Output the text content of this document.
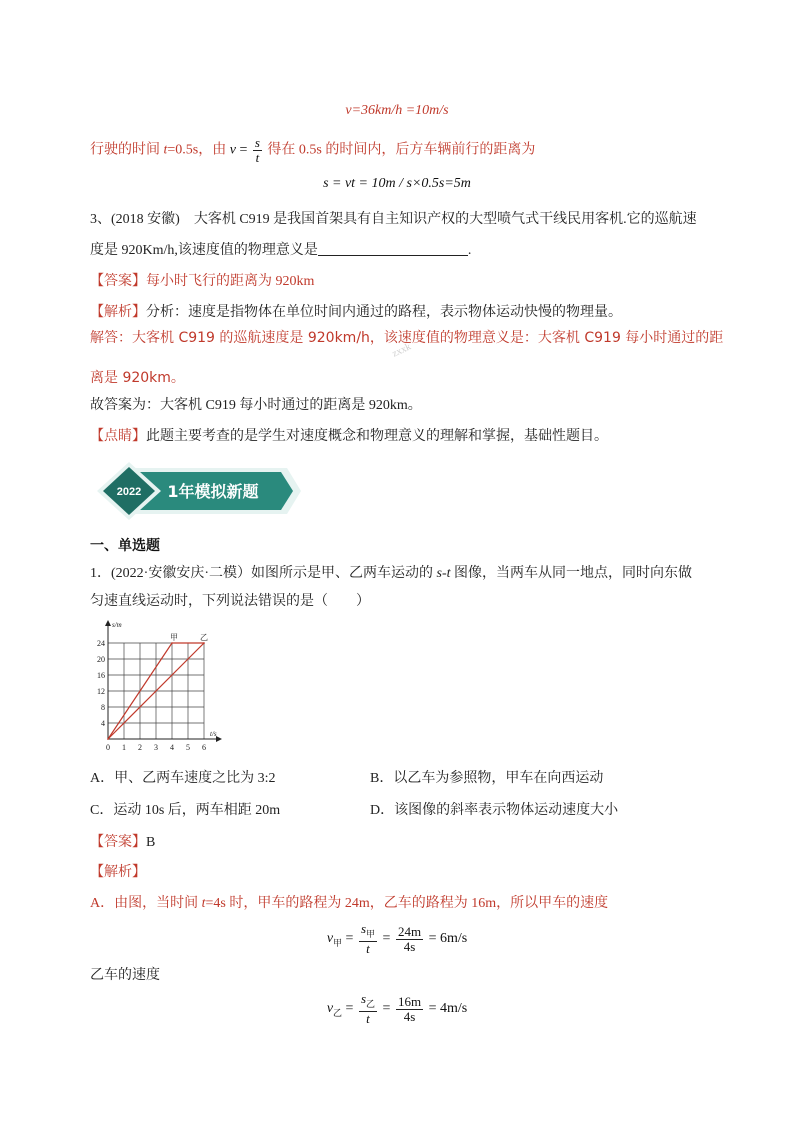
v=36km/h =10m/s
行驶的时间 t=0.5s，由 $v = \frac{s}{t}$ 得在 0.5s 的时间内，后方车辆前行的距离为
s = vt = 10m / s×0.5s=5m
3、(2018 安徽)　大客机 C919 是我国首架具有自主知识产权的大型喷气式干线民用客机.它的巡航速
度是 920Km/h,该速度值的物理意义是	.
【答案】每小时飞行的距离为 920km
【解析】分析：速度是指物体在单位时间内通过的路程，表示物体运动快慢的物理量。
解答：大客机 C919 的巡航速度是 920km/h，该速度值的物理意义是：大客机 C919 每小时通过的距
zxxk
离是 920km。
故答案为：大客机 C919 每小时通过的距离是 920km。
【点睛】此题主要考查的是学生对速度概念和物理意义的理解和掌握，基础性题目。
2022 1年模拟新题
一、单选题
1．(2022·安徽安庆·二模）如图所示是甲、乙两车运动的 s-t 图像，当两车从同一地点，同时向东做
匀速直线运动时，下列说法错误的是（　　）
0 1 2 3 4 5 6
4
8
12
16
20
24
s/m
t/s
甲	乙
A．甲、乙两车速度之比为 3:2	B．以乙车为参照物，甲车在向西运动
C．运动 10s 后，两车相距 20m	D．该图像的斜率表示物体运动速度大小
【答案】B
【解析】
A．由图，当时间 t=4s 时，甲车的路程为 24m，乙车的路程为 16m，所以甲车的速度
$v_甲 = \frac{s_甲}{t} = \frac{24m}{4s} = 6m/s$
乙车的速度
$v_乙 = \frac{s_乙}{t} = \frac{16m}{4s} = 4m/s$
